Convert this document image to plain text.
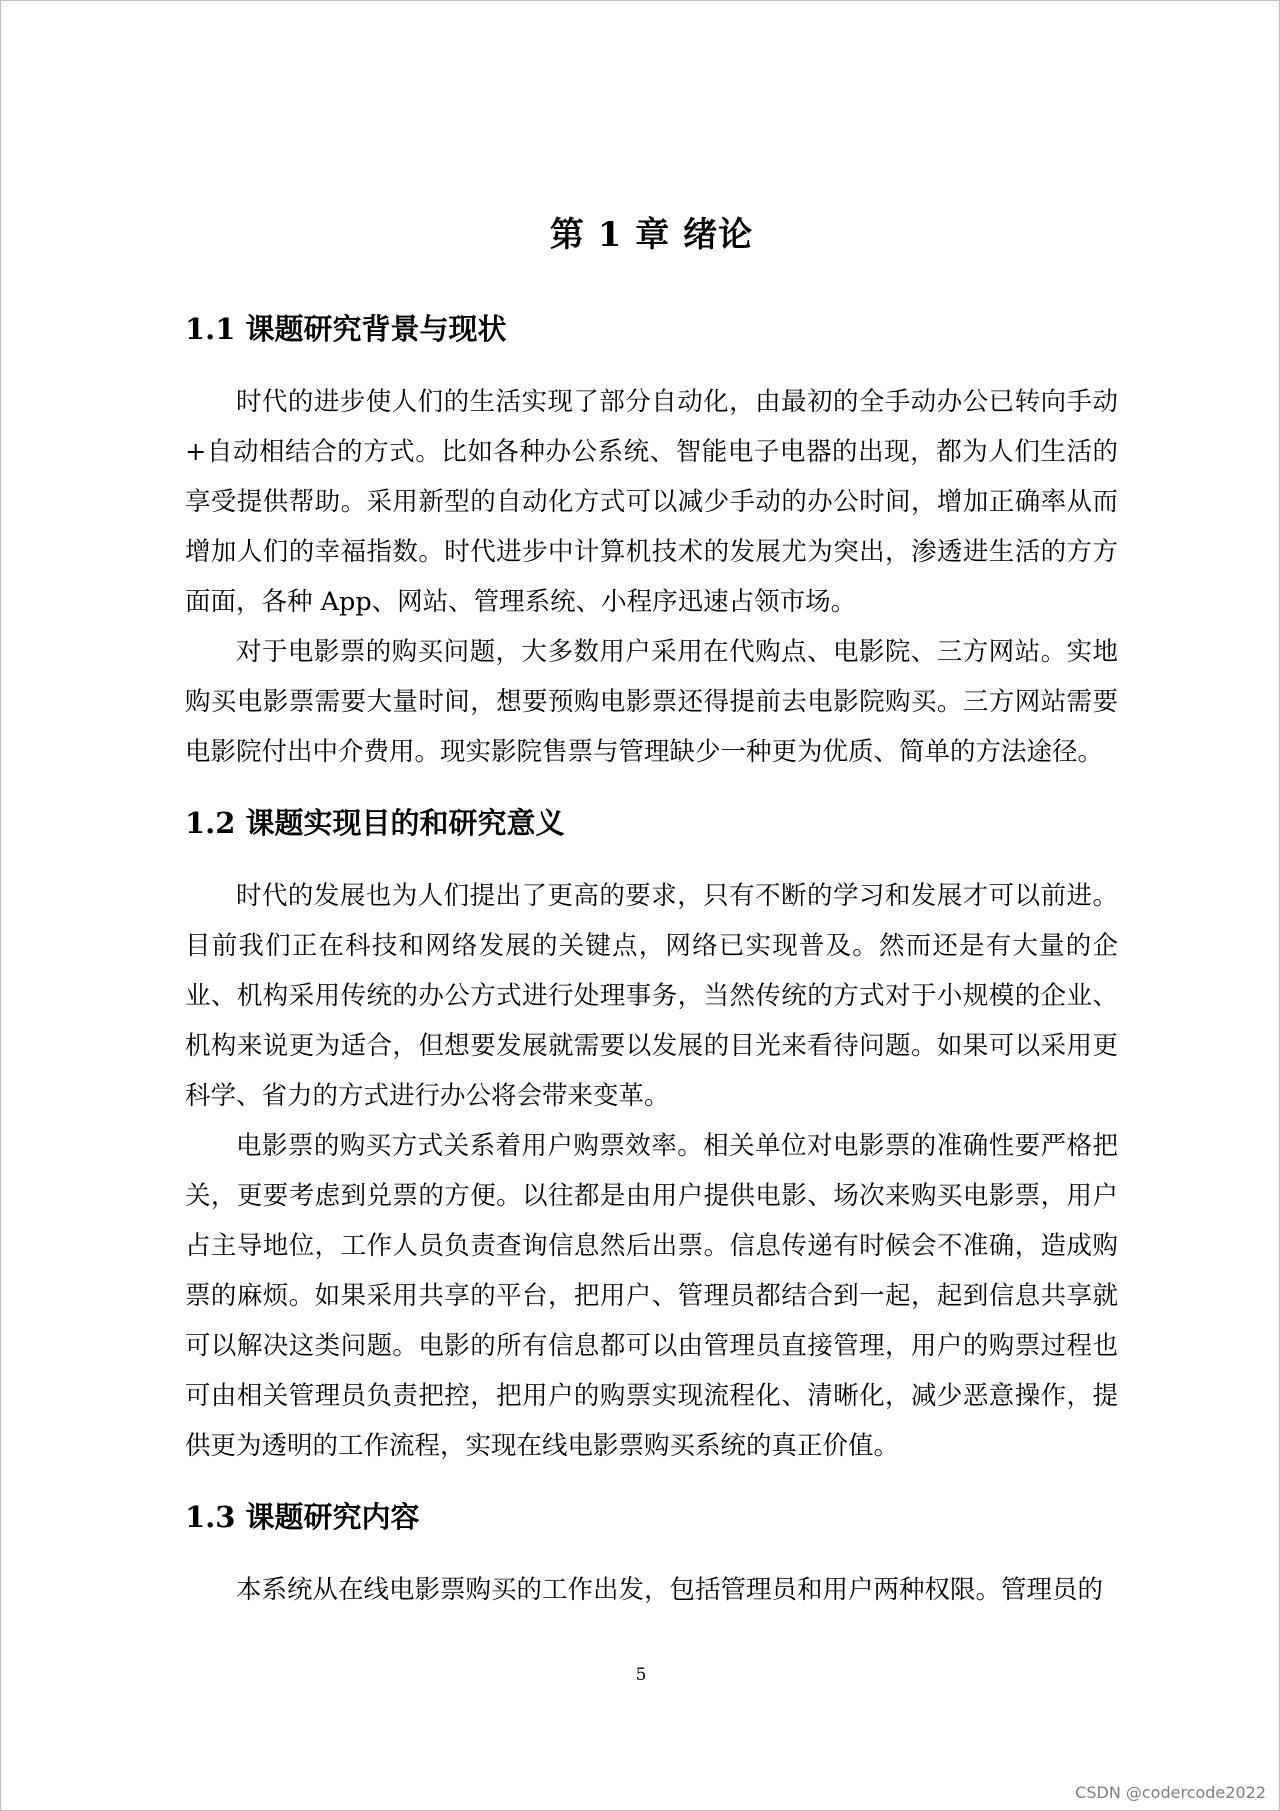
第 1 章 绪论
1.1 课题研究背景与现状

时代的进步使人们的生活实现了部分自动化，由最初的全手动办公已转向手动+自动相结合的方式。比如各种办公系统、智能电子电器的出现，都为人们生活的享受提供帮助。采用新型的自动化方式可以减少手动的办公时间，增加正确率从而增加人们的幸福指数。时代进步中计算机技术的发展尤为突出，渗透进生活的方方面面，各种 App、网站、管理系统、小程序迅速占领市场。

对于电影票的购买问题，大多数用户采用在代购点、电影院、三方网站。实地购买电影票需要大量时间，想要预购电影票还得提前去电影院购买。三方网站需要电影院付出中介费用。现实影院售票与管理缺少一种更为优质、简单的方法途径。

1.2 课题实现目的和研究意义

时代的发展也为人们提出了更高的要求，只有不断的学习和发展才可以前进。目前我们正在科技和网络发展的关键点，网络已实现普及。然而还是有大量的企业、机构采用传统的办公方式进行处理事务，当然传统的方式对于小规模的企业、机构来说更为适合，但想要发展就需要以发展的目光来看待问题。如果可以采用更科学、省力的方式进行办公将会带来变革。

电影票的购买方式关系着用户购票效率。相关单位对电影票的准确性要严格把关，更要考虑到兑票的方便。以往都是由用户提供电影、场次来购买电影票，用户占主导地位，工作人员负责查询信息然后出票。信息传递有时候会不准确，造成购票的麻烦。如果采用共享的平台，把用户、管理员都结合到一起，起到信息共享就可以解决这类问题。电影的所有信息都可以由管理员直接管理，用户的购票过程也可由相关管理员负责把控，把用户的购票实现流程化、清晰化，减少恶意操作，提供更为透明的工作流程，实现在线电影票购买系统的真正价值。

1.3 课题研究内容

本系统从在线电影票购买的工作出发，包括管理员和用户两种权限。管理员的

5
CSDN @codercode2022
